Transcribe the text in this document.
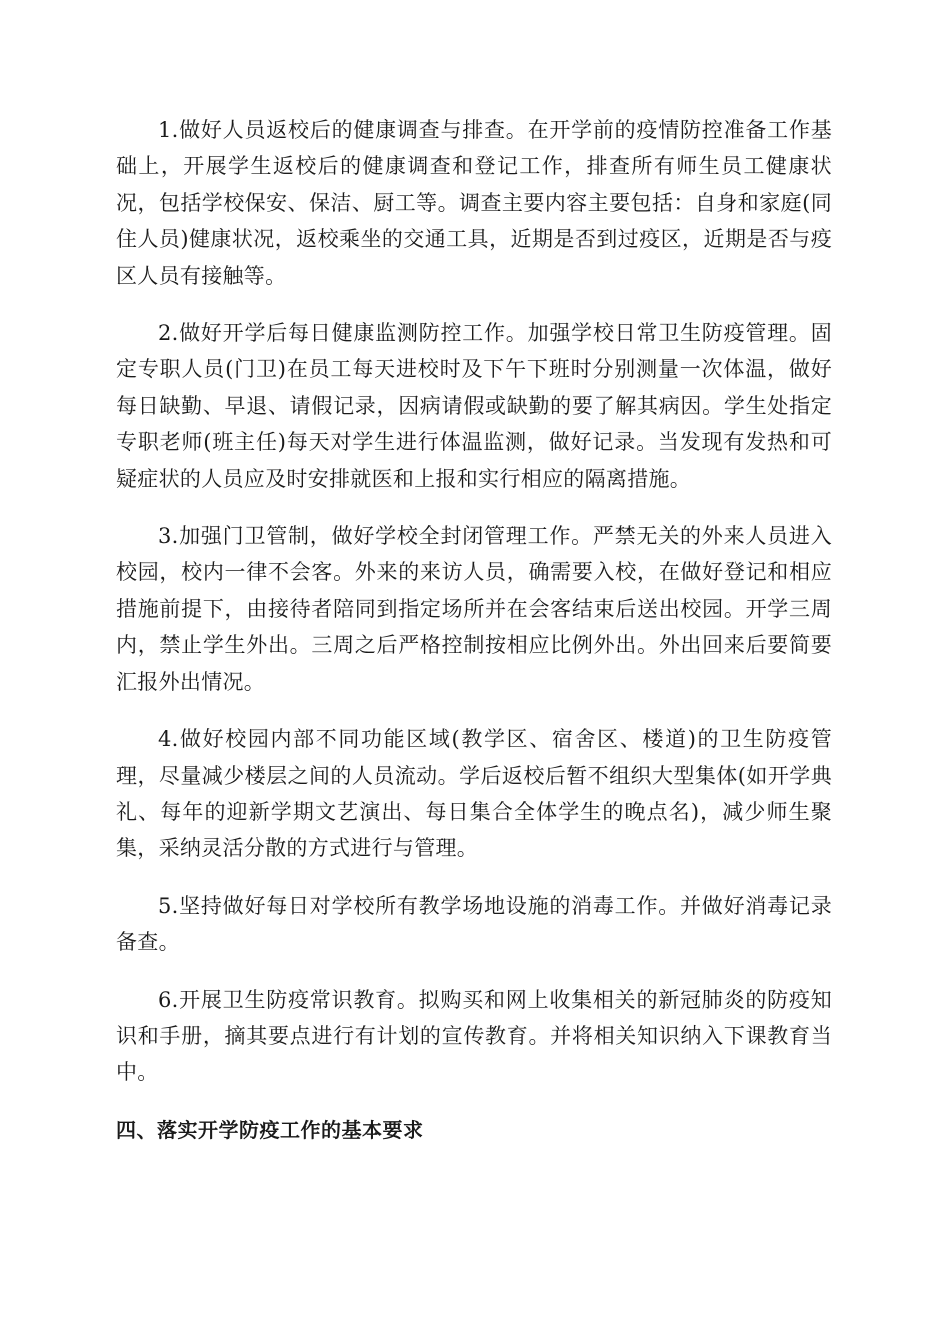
1.做好人员返校后的健康调查与排查。在开学前的疫情防控准备工作基础上，开展学生返校后的健康调查和登记工作，排查所有师生员工健康状况，包括学校保安、保洁、厨工等。调查主要内容主要包括：自身和家庭(同住人员)健康状况，返校乘坐的交通工具，近期是否到过疫区，近期是否与疫区人员有接触等。

2.做好开学后每日健康监测防控工作。加强学校日常卫生防疫管理。固定专职人员(门卫)在员工每天进校时及下午下班时分别测量一次体温，做好每日缺勤、早退、请假记录，因病请假或缺勤的要了解其病因。学生处指定专职老师(班主任)每天对学生进行体温监测，做好记录。当发现有发热和可疑症状的人员应及时安排就医和上报和实行相应的隔离措施。

3.加强门卫管制，做好学校全封闭管理工作。严禁无关的外来人员进入校园，校内一律不会客。外来的来访人员，确需要入校，在做好登记和相应措施前提下，由接待者陪同到指定场所并在会客结束后送出校园。开学三周内，禁止学生外出。三周之后严格控制按相应比例外出。外出回来后要简要汇报外出情况。

4.做好校园内部不同功能区域(教学区、宿舍区、楼道)的卫生防疫管理，尽量减少楼层之间的人员流动。学后返校后暂不组织大型集体(如开学典礼、每年的迎新学期文艺演出、每日集合全体学生的晚点名)，减少师生聚集，采纳灵活分散的方式进行与管理。

5.坚持做好每日对学校所有教学场地设施的消毒工作。并做好消毒记录备查。

6.开展卫生防疫常识教育。拟购买和网上收集相关的新冠肺炎的防疫知识和手册，摘其要点进行有计划的宣传教育。并将相关知识纳入下课教育当中。

四、落实开学防疫工作的基本要求
